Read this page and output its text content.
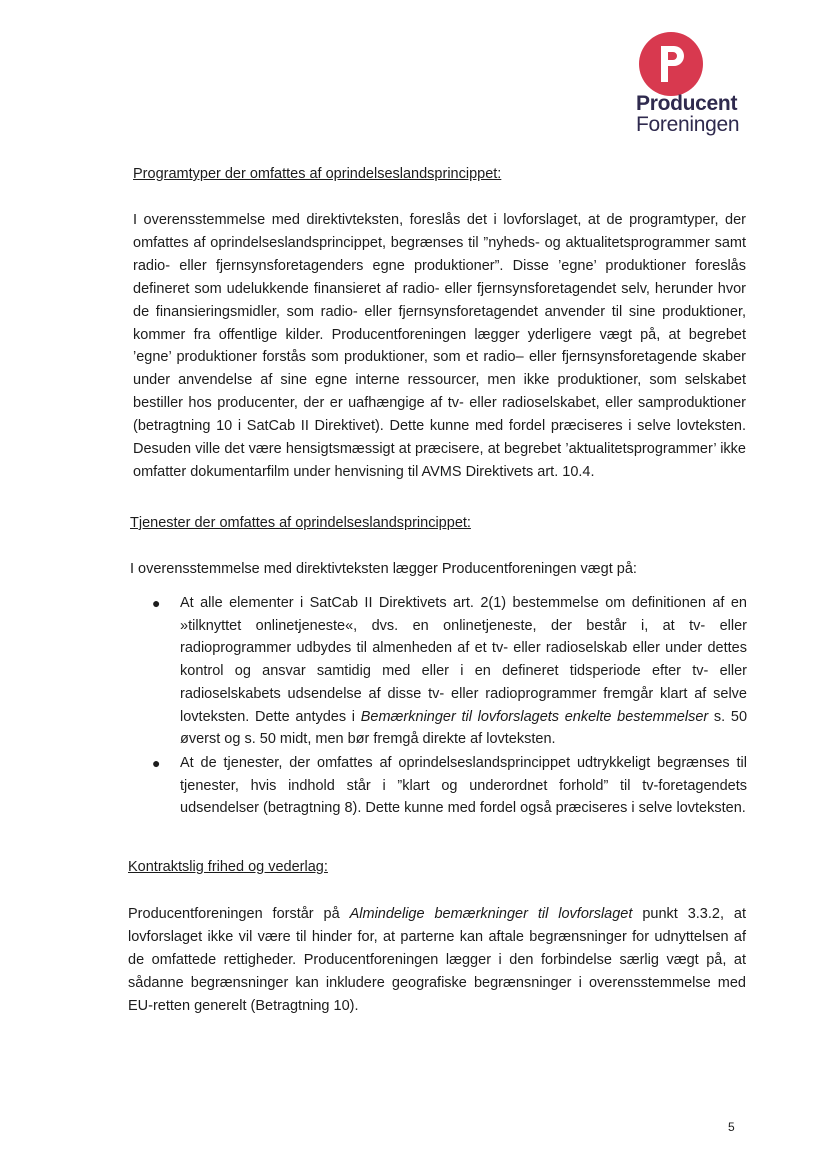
Producent
Foreningen
Programtyper der omfattes af oprindelseslandsprincippet:

I overensstemmelse med direktivteksten, foreslås det i lovforslaget, at de programtyper, der omfattes af oprindelseslandsprincippet, begrænses til ”nyheds- og aktualitetsprogrammer samt radio- eller fjernsynsforetagenders egne produktioner”. Disse ’egne’ produktioner foreslås defineret som udelukkende finansieret af radio- eller fjernsynsforetagendet selv, herunder hvor de finansieringsmidler, som radio- eller fjernsynsforetagendet anvender til sine produktioner, kommer fra offentlige kilder. Producentforeningen lægger yderligere vægt på, at begrebet ’egne’ produktioner forstås som produktioner, som et radio– eller fjernsynsforetagende skaber under anvendelse af sine egne interne ressourcer, men ikke produktioner, som selskabet bestiller hos producenter, der er uafhængige af tv- eller radioselskabet, eller samproduktioner (betragtning 10 i SatCab II Direktivet). Dette kunne med fordel præciseres i selve lovteksten. Desuden ville det være hensigtsmæssigt at præcisere, at begrebet ’aktualitetsprogrammer’ ikke omfatter dokumentarfilm under henvisning til AVMS Direktivets art. 10.4.

Tjenester der omfattes af oprindelseslandsprincippet:

I overensstemmelse med direktivteksten lægger Producentforeningen vægt på:

● At alle elementer i SatCab II Direktivets art. 2(1) bestemmelse om definitionen af en »tilknyttet onlinetjeneste«, dvs. en onlinetjeneste, der består i, at tv- eller radioprogrammer udbydes til almenheden af et tv- eller radioselskab eller under dettes kontrol og ansvar samtidig med eller i en defineret tidsperiode efter tv- eller radioselskabets udsendelse af disse tv- eller radioprogrammer fremgår klart af selve lovteksten. Dette antydes i Bemærkninger til lovforslagets enkelte bestemmelser s. 50 øverst og s. 50 midt, men bør fremgå direkte af lovteksten.
● At de tjenester, der omfattes af oprindelseslandsprincippet udtrykkeligt begrænses til tjenester, hvis indhold står i ”klart og underordnet forhold” til tv-foretagendets udsendelser (betragtning 8). Dette kunne med fordel også præciseres i selve lovteksten.
Kontraktslig frihed og vederlag:

Producentforeningen forstår på Almindelige bemærkninger til lovforslaget punkt 3.3.2, at lovforslaget ikke vil være til hinder for, at parterne kan aftale begrænsninger for udnyttelsen af de omfattede rettigheder. Producentforeningen lægger i den forbindelse særlig vægt på, at sådanne begrænsninger kan inkludere geografiske begrænsninger i overensstemmelse med EU-retten generelt (Betragtning 10).

5
